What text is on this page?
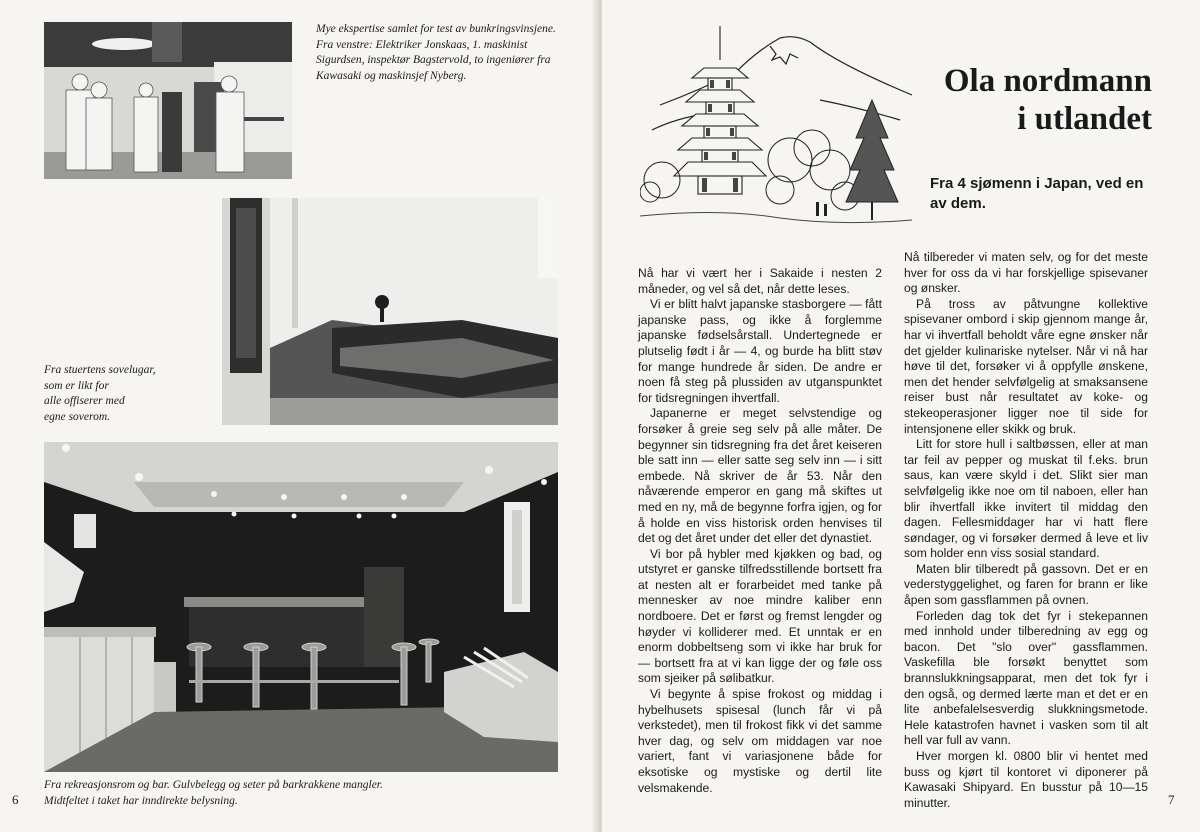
Mye ekspertise samlet for test av bunkringsvinsjene.
Fra venstre: Elektriker Jonskaas, 1. maskinist Sigurdsen, inspektør Bagstervold, to ingeniører fra Kawasaki og maskinsjef Nyberg.
Fra stuertens sovelugar,
som er likt for
alle offiserer med
egne soverom.
Fra rekreasjonsrom og bar. Gulvbelegg og seter på barkrakkene mangler.
Midtfeltet i taket har inndirekte belysning.
6
Ola nordmann
i utlandet
Fra 4 sjømenn i Japan, ved en av dem.

Nå har vi vært her i Sakaide i nesten 2 måneder, og vel så det, når dette leses.

Vi er blitt halvt japanske stasborgere — fått japanske pass, og ikke å forglemme japanske fødselsårstall. Undertegnede er plutselig født i år — 4, og burde ha blitt støv for mange hundrede år siden. De andre er noen få steg på plussiden av utganspunktet for tidsregningen ihvertfall.

Japanerne er meget selvstendige og forsøker å greie seg selv på alle måter. De begynner sin tidsregning fra det året keiseren ble satt inn — eller satte seg selv inn — i sitt embede. Nå skriver de år 53. Når den nåværende emperor en gang må skiftes ut med en ny, må de begynne forfra igjen, og for å holde en viss historisk orden henvises til det og det året under det eller det dynastiet.

Vi bor på hybler med kjøkken og bad, og utstyret er ganske tilfredsstillende bortsett fra at nesten alt er forarbeidet med tanke på mennesker av noe mindre kaliber enn nordboere. Det er først og fremst lengder og høyder vi kolliderer med. Et unntak er en enorm dobbeltseng som vi ikke har bruk for — bortsett fra at vi kan ligge der og føle oss som sjeiker på sølibatkur.

Vi begynte å spise frokost og middag i hybelhusets spisesal (lunch får vi på verkstedet), men til frokost fikk vi det samme hver dag, og selv om middagen var noe variert, fant vi variasjonene både for eksotiske og mystiske og dertil lite velsmakende.

Nå tilbereder vi maten selv, og for det meste hver for oss da vi har forskjellige spisevaner og ønsker.

På tross av påtvungne kollektive spisevaner ombord i skip gjennom mange år, har vi ihvertfall beholdt våre egne ønsker når det gjelder kulinariske nytelser. Når vi nå har høve til det, forsøker vi å oppfylle ønskene, men det hender selvfølgelig at smaksansene reiser bust når resultatet av koke- og stekeoperasjoner ligger noe til side for intensjonene eller skikk og bruk.

Litt for store hull i saltbøssen, eller at man tar feil av pepper og muskat til f.eks. brun saus, kan være skyld i det. Slikt sier man selvfølgelig ikke noe om til naboen, eller han blir ihvertfall ikke invitert til middag den dagen. Fellesmiddager har vi hatt flere søndager, og vi forsøker dermed å leve et liv som holder enn viss sosial standard.

Maten blir tilberedt på gassovn. Det er en vederstyggelighet, og faren for brann er like åpen som gassflammen på ovnen.

Forleden dag tok det fyr i stekepannen med innhold under tilberedning av egg og bacon. Det "slo over" gassflammen. Vaskefilla ble forsøkt benyttet som brannslukkningsapparat, men det tok fyr i den også, og dermed lærte man et det er en lite anbefalelsesverdig slukkningsmetode. Hele katastrofen havnet i vasken som til alt hell var full av vann.

Hver morgen kl. 0800 blir vi hentet med buss og kjørt til kontoret vi diponerer på Kawasaki Shipyard. En busstur på 10—15 minutter.	7
